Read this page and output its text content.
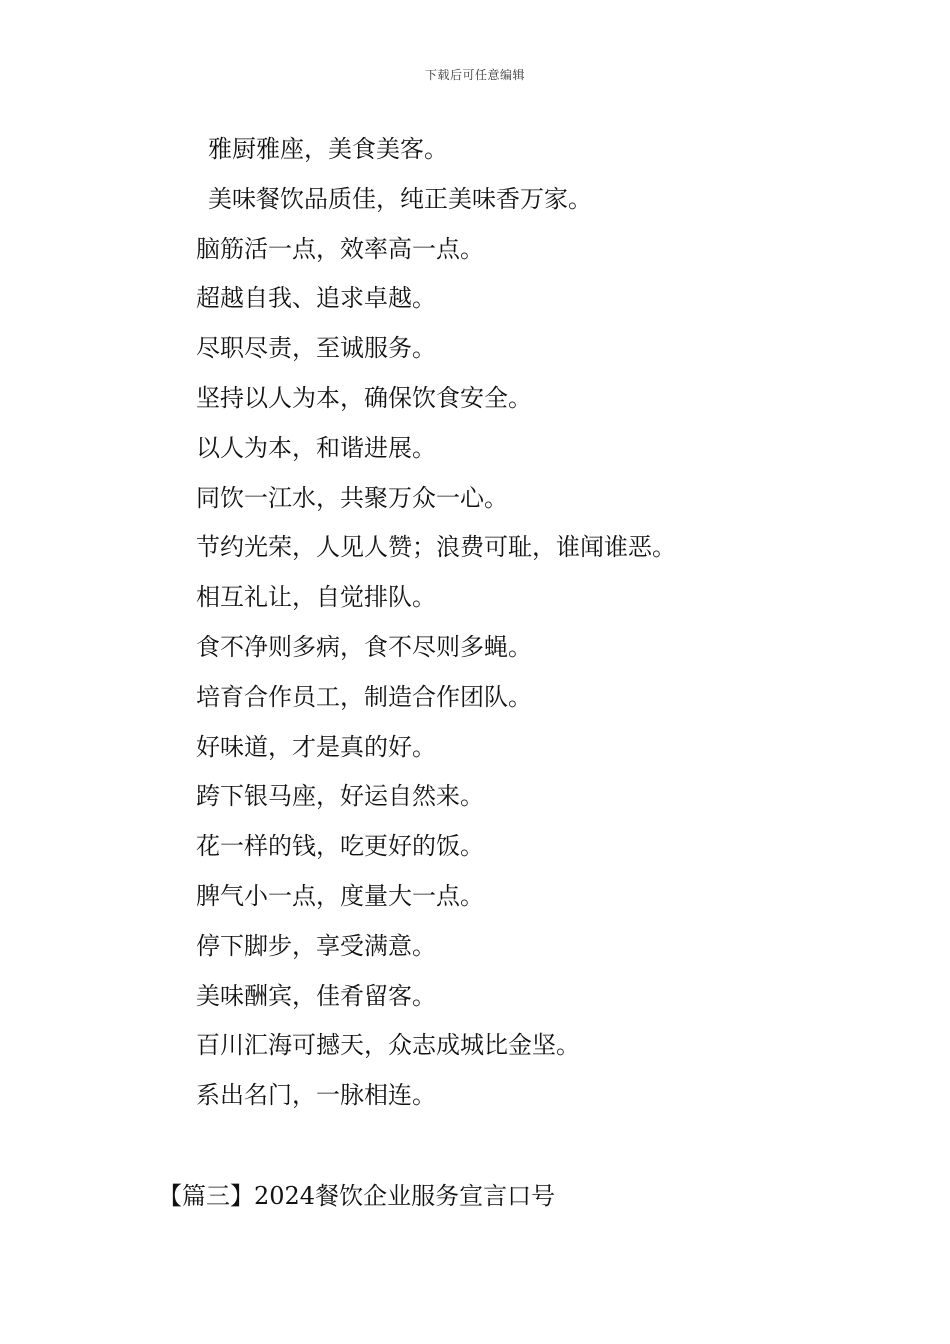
下载后可任意编辑
雅厨雅座，美食美客。
美味餐饮品质佳，纯正美味香万家。
脑筋活一点，效率高一点。
超越自我、追求卓越。
尽职尽责，至诚服务。
坚持以人为本，确保饮食安全。
以人为本，和谐进展。
同饮一江水，共聚万众一心。
节约光荣，人见人赞；浪费可耻，谁闻谁恶。
相互礼让，自觉排队。
食不净则多病，食不尽则多蝇。
培育合作员工，制造合作团队。
好味道，才是真的好。
跨下银马座，好运自然来。
花一样的钱，吃更好的饭。
脾气小一点，度量大一点。
停下脚步，享受满意。
美味酬宾，佳肴留客。
百川汇海可撼天，众志成城比金坚。
系出名门，一脉相连。
【篇三】2024餐饮企业服务宣言口号
